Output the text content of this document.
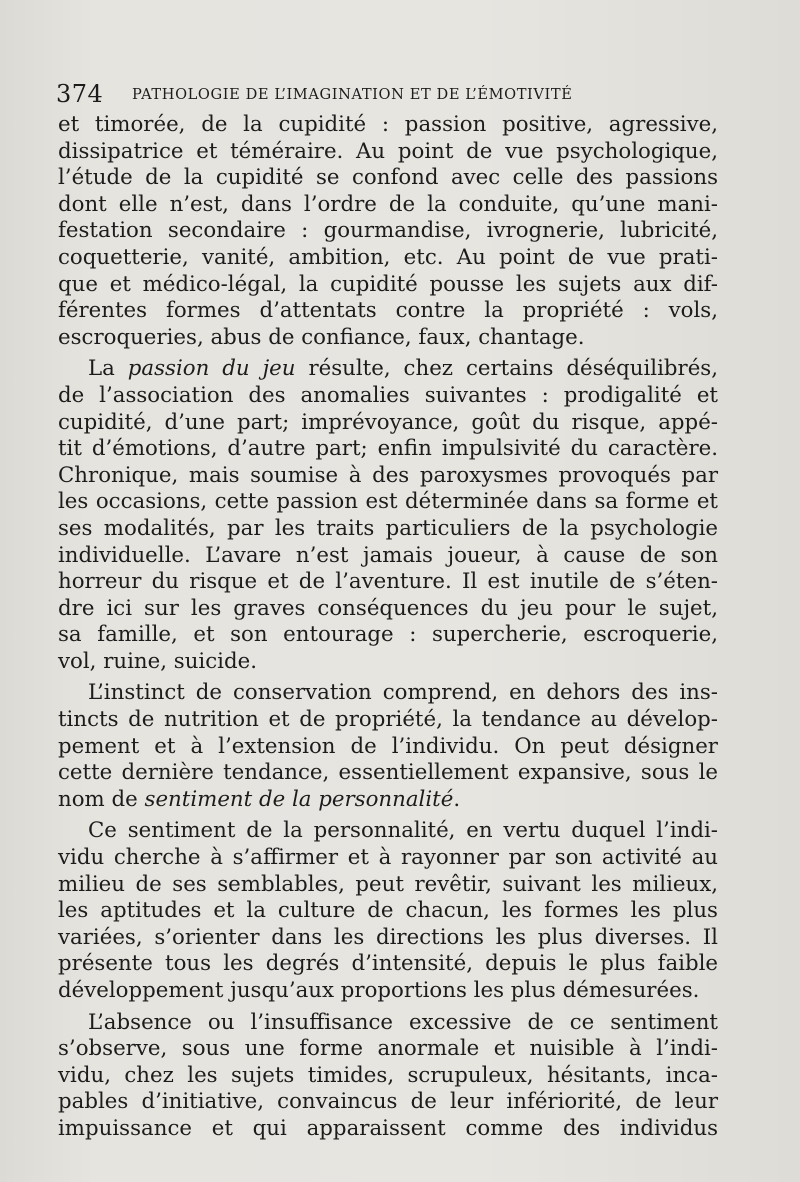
374 PATHOLOGIE DE L’IMAGINATION ET DE L’ÉMOTIVITÉ
et timorée, de la cupidité : passion positive, agressive,
dissipatrice et téméraire. Au point de vue psychologique,
l’étude de la cupidité se confond avec celle des passions
dont elle n’est, dans l’ordre de la conduite, qu’une mani-
festation secondaire : gourmandise, ivrognerie, lubricité,
coquetterie, vanité, ambition, etc. Au point de vue prati-
que et médico-légal, la cupidité pousse les sujets aux dif-
férentes formes d’attentats contre la propriété : vols,
escroqueries, abus de confiance, faux, chantage.
La passion du jeu résulte, chez certains déséquilibrés,
de l’association des anomalies suivantes : prodigalité et
cupidité, d’une part; imprévoyance, goût du risque, appé-
tit d’émotions, d’autre part; enfin impulsivité du caractère.
Chronique, mais soumise à des paroxysmes provoqués par
les occasions, cette passion est déterminée dans sa forme et
ses modalités, par les traits particuliers de la psychologie
individuelle. L’avare n’est jamais joueur, à cause de son
horreur du risque et de l’aventure. Il est inutile de s’éten-
dre ici sur les graves conséquences du jeu pour le sujet,
sa famille, et son entourage : supercherie, escroquerie,
vol, ruine, suicide.
L’instinct de conservation comprend, en dehors des ins-
tincts de nutrition et de propriété, la tendance au dévelop-
pement et à l’extension de l’individu. On peut désigner
cette dernière tendance, essentiellement expansive, sous le
nom de sentiment de la personnalité.
Ce sentiment de la personnalité, en vertu duquel l’indi-
vidu cherche à s’affirmer et à rayonner par son activité au
milieu de ses semblables, peut revêtir, suivant les milieux,
les aptitudes et la culture de chacun, les formes les plus
variées, s’orienter dans les directions les plus diverses. Il
présente tous les degrés d’intensité, depuis le plus faible
développement jusqu’aux proportions les plus démesurées.
L’absence ou l’insuffisance excessive de ce sentiment
s’observe, sous une forme anormale et nuisible à l’indi-
vidu, chez les sujets timides, scrupuleux, hésitants, inca-
pables d’initiative, convaincus de leur infériorité, de leur
impuissance et qui apparaissent comme des individus
